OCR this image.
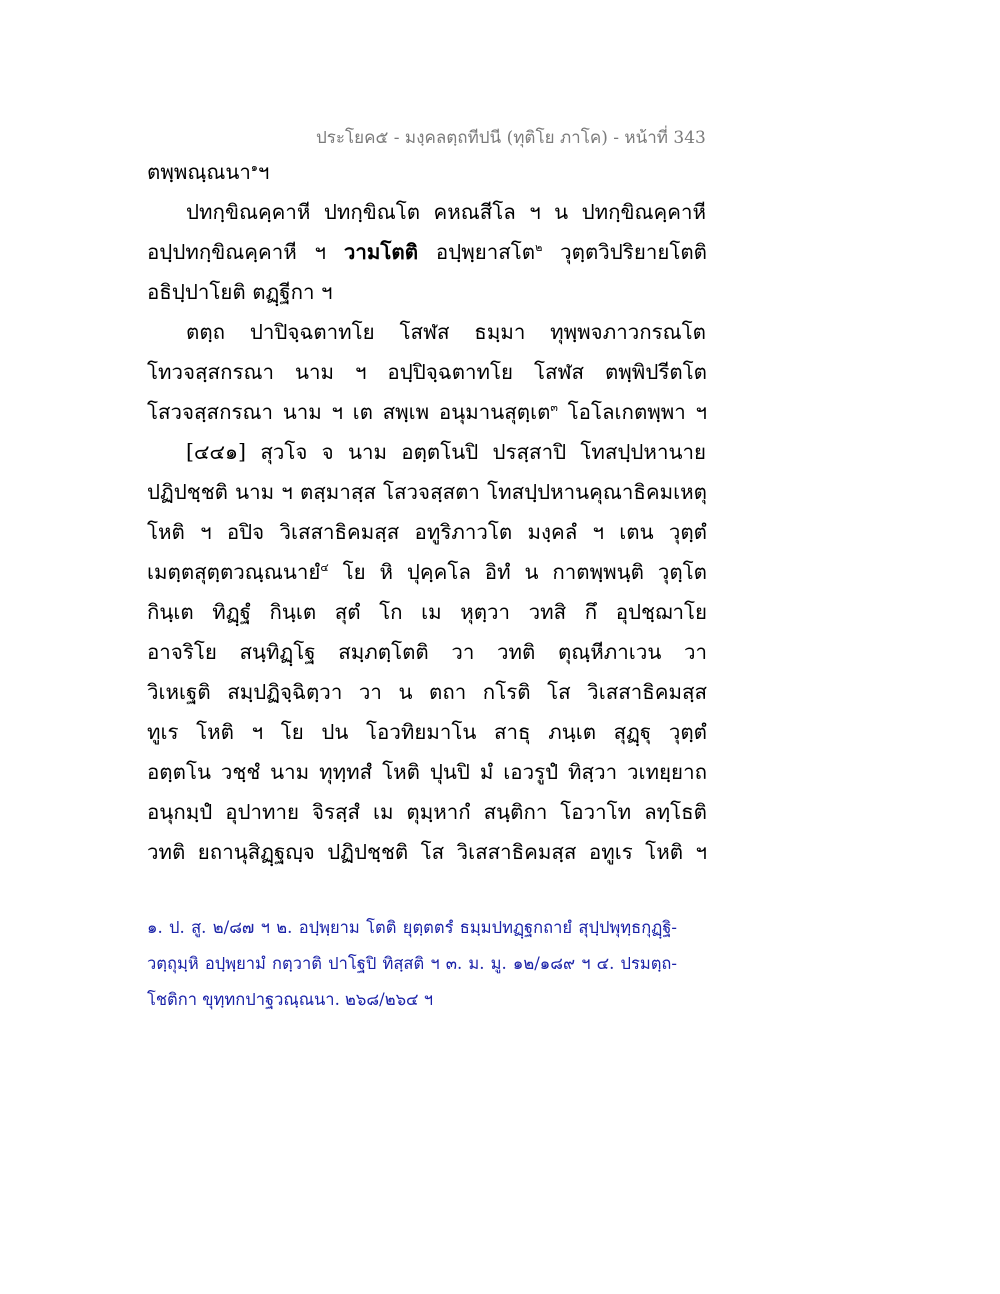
ประโยค๕ - มงฺคลตฺถทีปนี (ทุติโย ภาโค) - หน้าที่ 343
ตพฺพณฺณนา$^๑$ฯ
ปทกฺขิณคฺคาหี ปทกฺขิณโต คหณสีโล ฯ น ปทกฺขิณคฺคาหี
อปฺปทกฺขิณคฺคาหี ฯ วามโตติ อปฺพฺยาสโต$^๒$ วุตฺตวิปริยายโตติ
อธิปฺปาโยติ ตฏฺฐีกา ฯ
ตตฺถ ปาปิจฺฉตาทโย โสฬส ธมฺมา ทุพฺพจภาวกรณโต
โทวจสฺสกรณา นาม ฯ อปฺปิจฺฉตาทโย โสฬส ตพฺพิปรีตโต
โสวจสฺสกรณา นาม ฯ เต สพฺเพ อนุมานสุตฺเต$^๓$ โอโลเกตพฺพา ฯ
[๔๔๑] สุวโจ จ นาม อตฺตโนปิ ปรสฺสาปิ โทสปฺปหานาย
ปฏิปชฺชติ นาม ฯ ตสฺมาสฺส โสวจสฺสตา โทสปฺปหานคุณาธิคมเหตุ
โหติ ฯ อปิจ วิเสสาธิคมสฺส อทูริภาวโต มงฺคลํ ฯ เตน วุตฺตํ
เมตฺตสุตฺตวณฺณนายํ$^๔$ โย หิ ปุคฺคโล อิทํ น กาตพฺพนฺติ วุตฺโต
กินฺเต ทิฏฺฐํ กินฺเต สุตํ โก เม หุตฺวา วทสิ กึ อุปชฺฌาโย
อาจริโย สนฺทิฏฺโฐ สมฺภตฺโตติ วา วทติ ตุณฺหีภาเวน วา
วิเหเฐติ สมฺปฏิจฺฉิตฺวา วา น ตถา กโรติ โส วิเสสาธิคมสฺส
ทูเร โหติ ฯ โย ปน โอวทิยมาโน สาธุ ภนฺเต สุฏฺฐุ วุตฺตํ
อตฺตโน วชฺชํ นาม ทุทฺทสํ โหติ ปุนปิ มํ เอวรูปํ ทิสฺวา วเทยฺยาถ
อนุกมฺปํ อุปาทาย จิรสฺสํ เม ตุมฺหากํ สนฺติกา โอวาโท ลทฺโธติ
วทติ ยถานุสิฏฺฐญฺจ ปฏิปชฺชติ โส วิเสสาธิคมสฺส อทูเร โหติ ฯ
๑. ป. สู. ๒/๘๗ ฯ ๒. อปฺพฺยาม โตติ ยุตฺตตรํ ธมฺมปทฏฺฐกถายํ สุปฺปพุทฺธกุฏฺฐิ-
วตฺถุมฺหิ อปฺพฺยามํ กตฺวาติ ปาโฐปิ ทิสฺสติ ฯ ๓. ม. มู. ๑๒/๑๘๙ ฯ ๔. ปรมตฺถ-
โชติกา ขุทฺทกปาฐวณฺณนา. ๒๖๘/๒๖๔ ฯ
